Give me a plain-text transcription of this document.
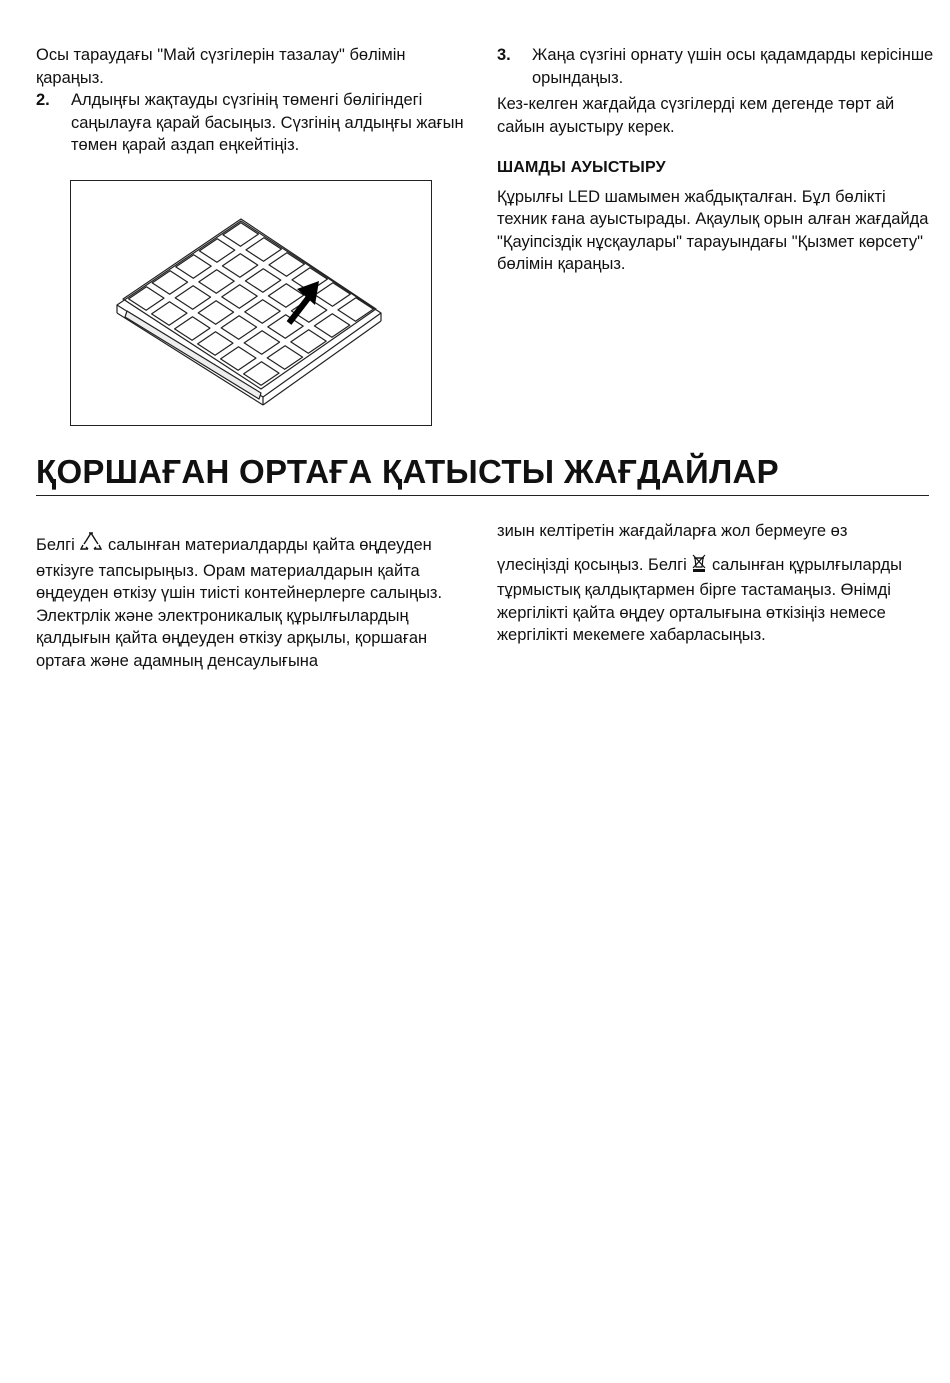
Осы тараудағы "Май сүзгілерін тазалау" бөлімін қараңыз.

2.	Алдыңғы жақтауды сүзгінің төменгі бөлігіндегі саңылауға қарай басыңыз. Сүзгінің алдыңғы жағын төмен қарай аздап еңкейтіңіз.
3.	Жаңа сүзгіні орнату үшін осы қадамдарды керісінше орындаңыз.

Кез-келген жағдайда сүзгілерді кем дегенде төрт ай сайын ауыстыру керек.

ШАМДЫ АУЫСТЫРУ

Құрылғы LED шамымен жабдықталған. Бұл бөлікті техник ғана ауыстырады. Ақаулық орын алған жағдайда "Қауіпсіздік нұсқаулары" тарауындағы "Қызмет көрсету" бөлімін қараңыз.

ҚОРШАҒАН ОРТАҒА ҚАТЫСТЫ ЖАҒДАЙЛАР

Белгі салынған материалдарды қайта өңдеуден өткізуге тапсырыңыз. Орам материалдарын қайта өңдеуден өткізу үшін тиісті контейнерлерге салыңыз. Электрлік және электроникалық құрылғылардың қалдығын қайта өңдеуден өткізу арқылы, қоршаған ортаға және адамның денсаулығына

зиын келтіретін жағдайларға жол бермеуге өз

үлесіңізді қосыңыз. Белгі салынған құрылғыларды тұрмыстық қалдықтармен бірге тастамаңыз. Өнімді жергілікті қайта өңдеу орталығына өткізіңіз немесе жергілікті мекемеге хабарласыңыз.
